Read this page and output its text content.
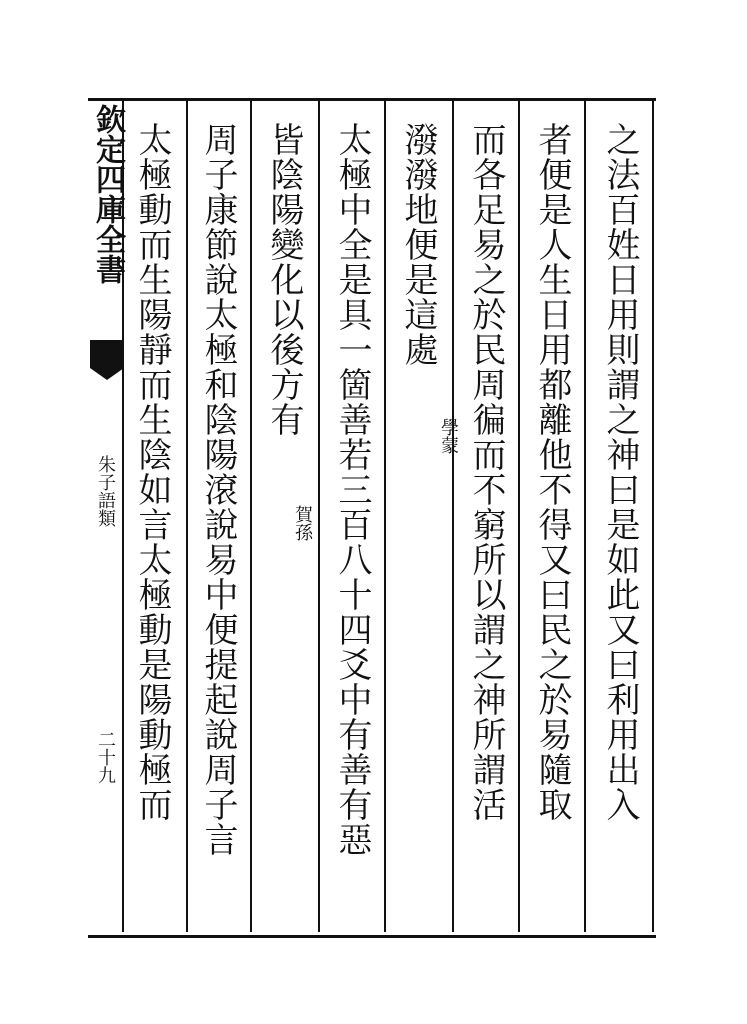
欽定四庫全書
朱子語類
二十九	之法百姓日用則謂之神曰是如此又曰利用出入
者便是人生日用都離他不得又曰民之於易隨取
而各足易之於民周徧而不窮所以謂之神所謂活
潑潑地便是這處
學蒙
太極中全是具一箇善若三百八十四爻中有善有惡
皆陰陽變化以後方有
賀孫
周子康節說太極和陰陽滾說易中便提起說周子言
太極動而生陽靜而生陰如言太極動是陽動極而
